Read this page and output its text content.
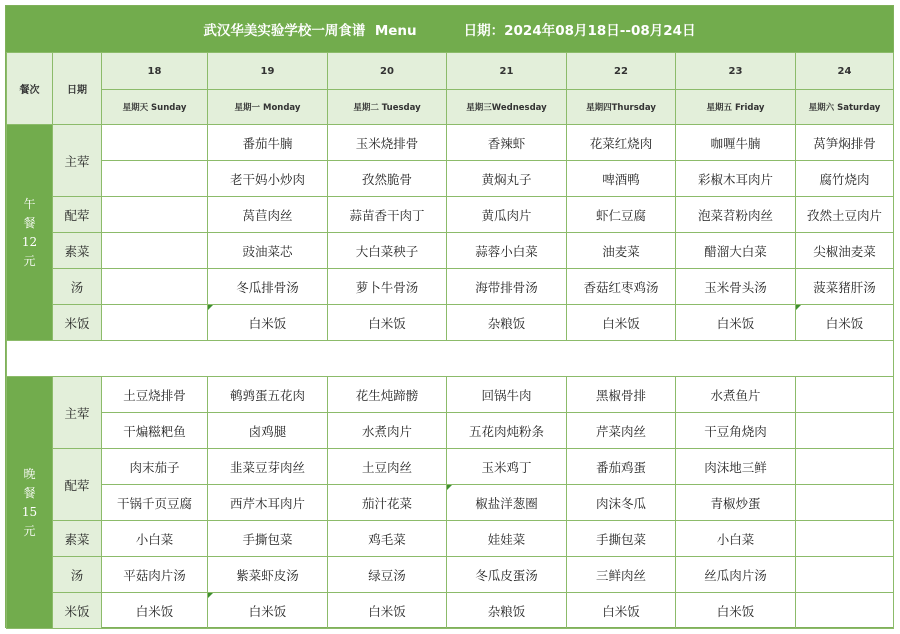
武汉华美实验学校一周食谱  Menu
	日期：2024年08月18日--08月24日
餐次	日期	18	19	20	21	22	23	24
		星期天 Sunday	星期一 Monday	星期二 Tuesday	星期三Wednesday	星期四Thursday	星期五 Friday	星期六 Saturday
午
餐
12
元	主荤		番茄牛腩	玉米烧排骨	香辣虾	花菜红烧肉	咖喱牛腩	莴笋焖排骨
			老干妈小炒肉	孜然脆骨	黄焖丸子	啤酒鸭	彩椒木耳肉片	腐竹烧肉
	配荤		莴苣肉丝	蒜苗香干肉丁	黄瓜肉片	虾仁豆腐	泡菜苕粉肉丝	孜然土豆肉片
	素菜		豉油菜芯	大白菜秧子	蒜蓉小白菜	油麦菜	醋溜大白菜	尖椒油麦菜
	汤		冬瓜排骨汤	萝卜牛骨汤	海带排骨汤	香菇红枣鸡汤	玉米骨头汤	菠菜猪肝汤
	米饭		白米饭	白米饭	杂粮饭	白米饭	白米饭	白米饭

晚
餐
15
元	主荤	土豆烧排骨	鹌鹑蛋五花肉	花生炖蹄髈	回锅牛肉	黑椒骨排	水煮鱼片	
		干煸糍粑鱼	卤鸡腿	水煮肉片	五花肉炖粉条	芹菜肉丝	干豆角烧肉	
	配荤	肉末茄子	韭菜豆芽肉丝	土豆肉丝	玉米鸡丁	番茄鸡蛋	肉沫地三鲜	
		干锅千页豆腐	西芹木耳肉片	茄汁花菜	椒盐洋葱圈	肉沫冬瓜	青椒炒蛋	
	素菜	小白菜	手撕包菜	鸡毛菜	娃娃菜	手撕包菜	小白菜	
	汤	平菇肉片汤	紫菜虾皮汤	绿豆汤	冬瓜皮蛋汤	三鲜肉丝	丝瓜肉片汤	
	米饭	白米饭	白米饭	白米饭	杂粮饭	白米饭	白米饭	
